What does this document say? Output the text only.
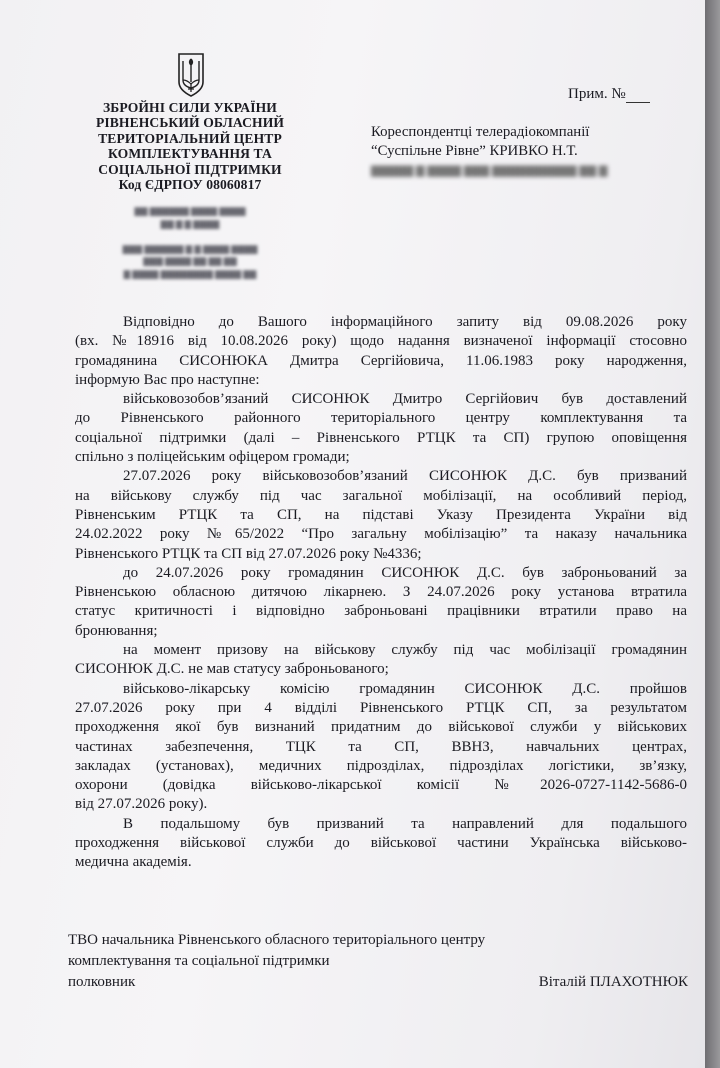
ЗБРОЙНІ СИЛИ УКРАЇНИ
РІВНЕНСЬКИЙ ОБЛАСНИЙ
ТЕРИТОРІАЛЬНИЙ ЦЕНТР
КОМПЛЕКТУВАННЯ ТА
СОЦІАЛЬНОЇ ПІДТРИМКИ
Код ЄДРПОУ 08060817
▇▇ ▇▇▇▇▇▇ ▇▇▇▇ ▇▇▇▇
▇▇ ▇ ▇ ▇▇▇▇

▇▇▇ ▇▇▇▇▇▇ ▇ ▇ ▇▇▇▇ ▇▇▇▇
▇▇▇ ▇▇▇▇ ▇▇ ▇▇ ▇▇
▇ ▇▇▇▇ ▇▇▇▇▇▇▇▇ ▇▇▇▇ ▇▇
Прим. №
Кореспондентці телерадіокомпанії
“Суспільне Рівне” КРИВКО Н.Т.
▇▇▇▇▇ ▇ ▇▇▇▇ ▇▇▇ ▇▇▇▇▇▇▇▇▇▇ ▇▇ ▇
Відповідно до Вашого інформаційного запиту від 09.08.2026 року
(вх. №18916 від 10.08.2026 року) щодо надання визначеної інформації стосовно
громадянина СИСОНЮКА Дмитра Сергійовича, 11.06.1983 року народження,
інформую Вас про наступне:
військовозобов’язаний СИСОНЮК Дмитро Сергійович був доставлений
до Рівненського районного територіального центру комплектування та
соціальної підтримки (далі – Рівненського РТЦК та СП) групою оповіщення
спільно з поліцейським офіцером громади;
27.07.2026 року військовозобов’язаний СИСОНЮК Д.С. був призваний
на військову службу під час загальної мобілізації, на особливий період,
Рівненським РТЦК та СП, на підставі Указу Президента України від
24.02.2022 року №65/2022 “Про загальну мобілізацію” та наказу начальника
Рівненського РТЦК та СП від 27.07.2026 року №4336;
до 24.07.2026 року громадянин СИСОНЮК Д.С. був заброньований за
Рівненською обласною дитячою лікарнею. З 24.07.2026 року установа втратила
статус критичності і відповідно заброньовані працівники втратили право на
бронювання;
на момент призову на військову службу під час мобілізації громадянин
СИСОНЮК Д.С. не мав статусу заброньованого;
військово-лікарську комісію громадянин СИСОНЮК Д.С. пройшов
27.07.2026 року при 4 відділі Рівненського РТЦК СП, за результатом
проходження якої був визнаний придатним до військової служби у військових
частинах забезпечення, ТЦК та СП, ВВНЗ, навчальних центрах,
закладах (установах), медичних підрозділах, підрозділах логістики, зв’язку,
охорони (довідка військово-лікарської комісії №2026-0727-1142-5686-0
від 27.07.2026 року).
В подальшому був призваний та направлений для подальшого
проходження військової служби до військової частини Українська військово-
медична академія.
ТВО начальника Рівненського обласного територіального центру
комплектування та соціальної підтримки
полковник	Віталій ПЛАХОТНЮК
